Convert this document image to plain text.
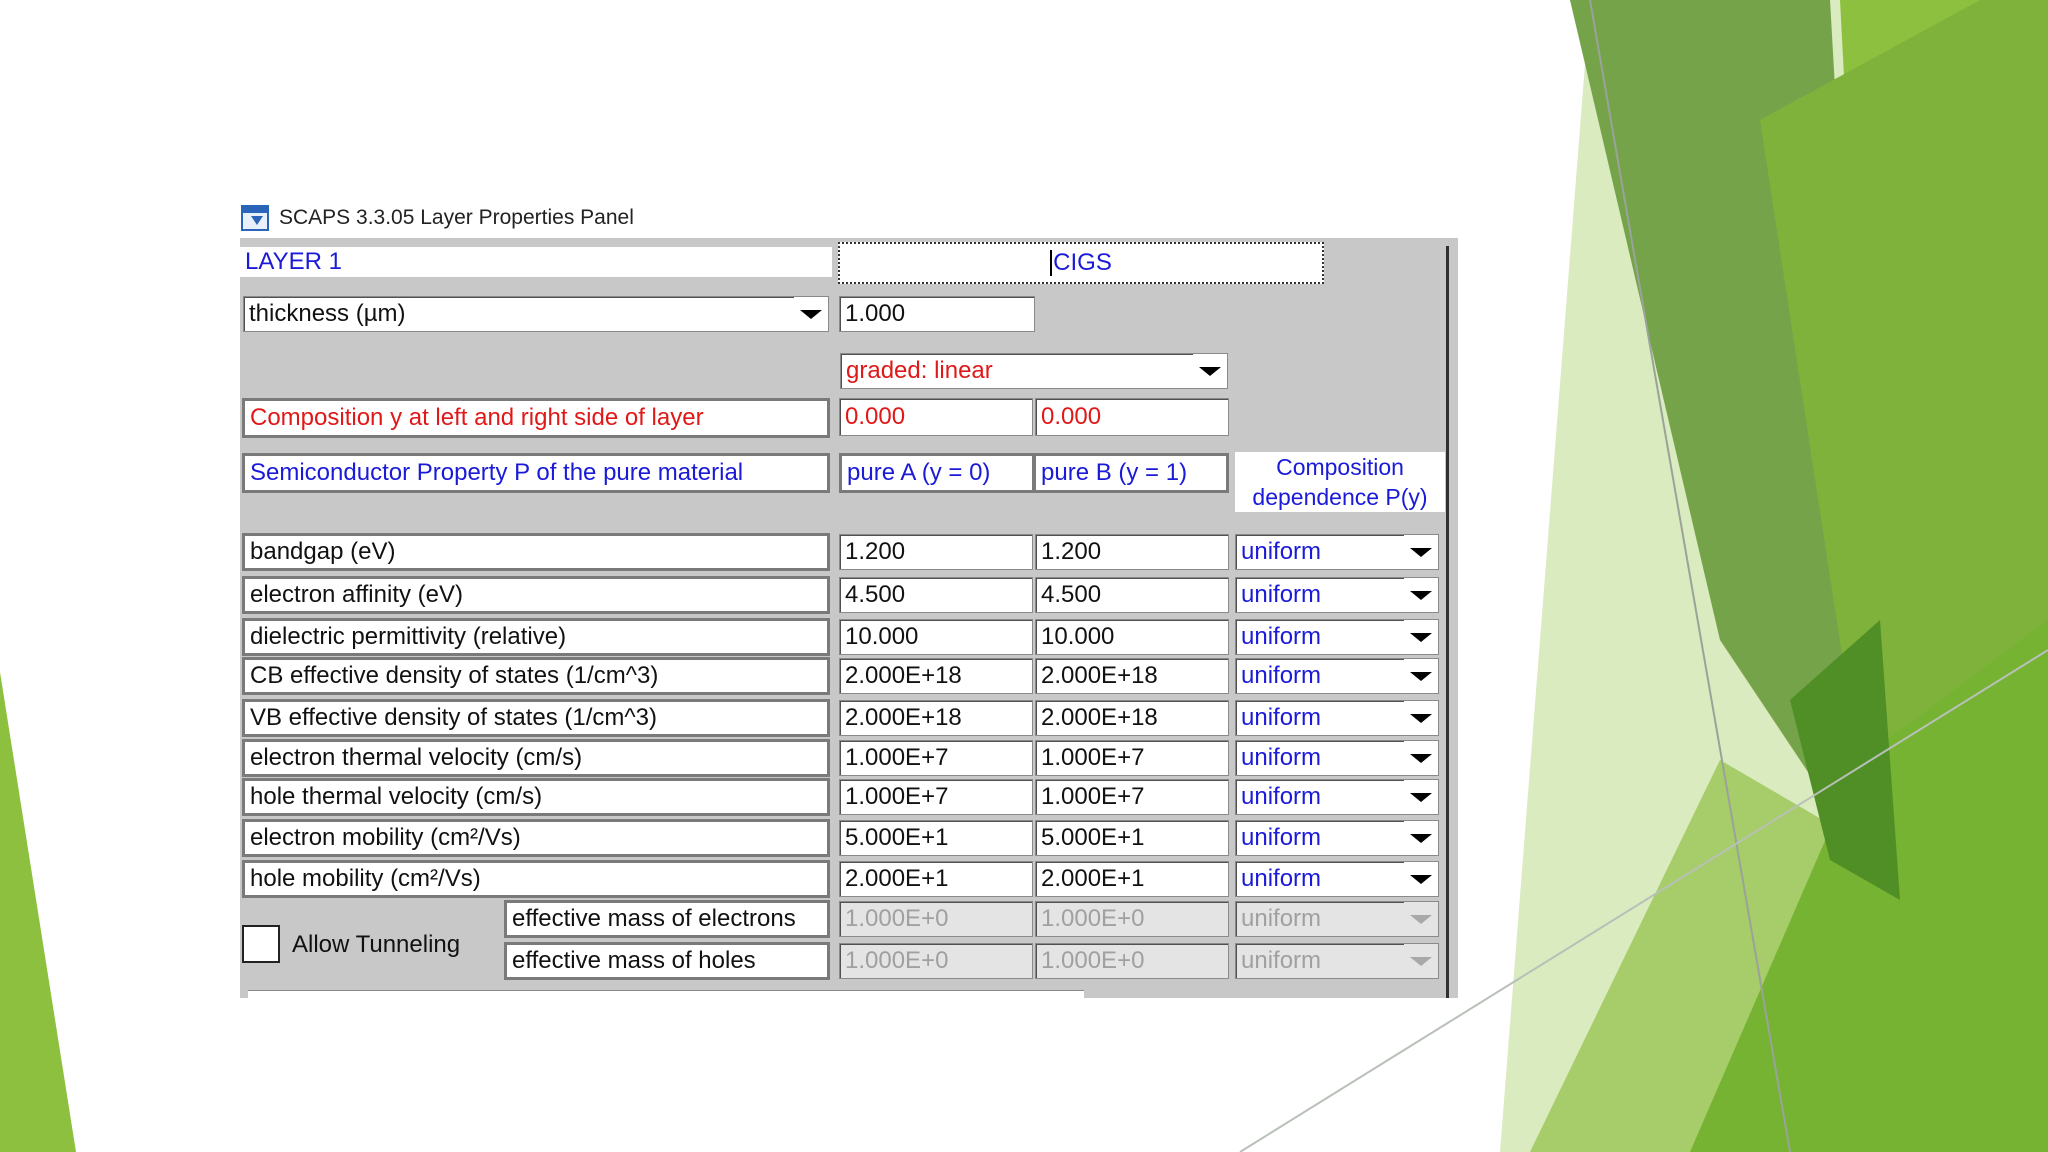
SCAPS 3.3.05 Layer Properties Panel
LAYER 1	CIGS
thickness (µm)	1.000
graded: linear
Composition y at left and right side of layer	0.000	0.000
Semiconductor Property P of the pure material	pure A (y = 0)	pure B (y = 1)	Composition
dependence P(y)
bandgap (eV)	1.200	1.200	uniform
electron affinity (eV)	4.500	4.500	uniform
dielectric permittivity (relative)	10.000	10.000	uniform
CB effective density of states (1/cm^3)	2.000E+18	2.000E+18	uniform
VB effective density of states (1/cm^3)	2.000E+18	2.000E+18	uniform
electron thermal velocity (cm/s)	1.000E+7	1.000E+7	uniform
hole thermal velocity (cm/s)	1.000E+7	1.000E+7	uniform
electron mobility (cm²/Vs)	5.000E+1	5.000E+1	uniform
hole mobility (cm²/Vs)	2.000E+1	2.000E+1	uniform
Allow Tunneling
effective mass of electrons	1.000E+0	1.000E+0	uniform
effective mass of holes	1.000E+0	1.000E+0	uniform
